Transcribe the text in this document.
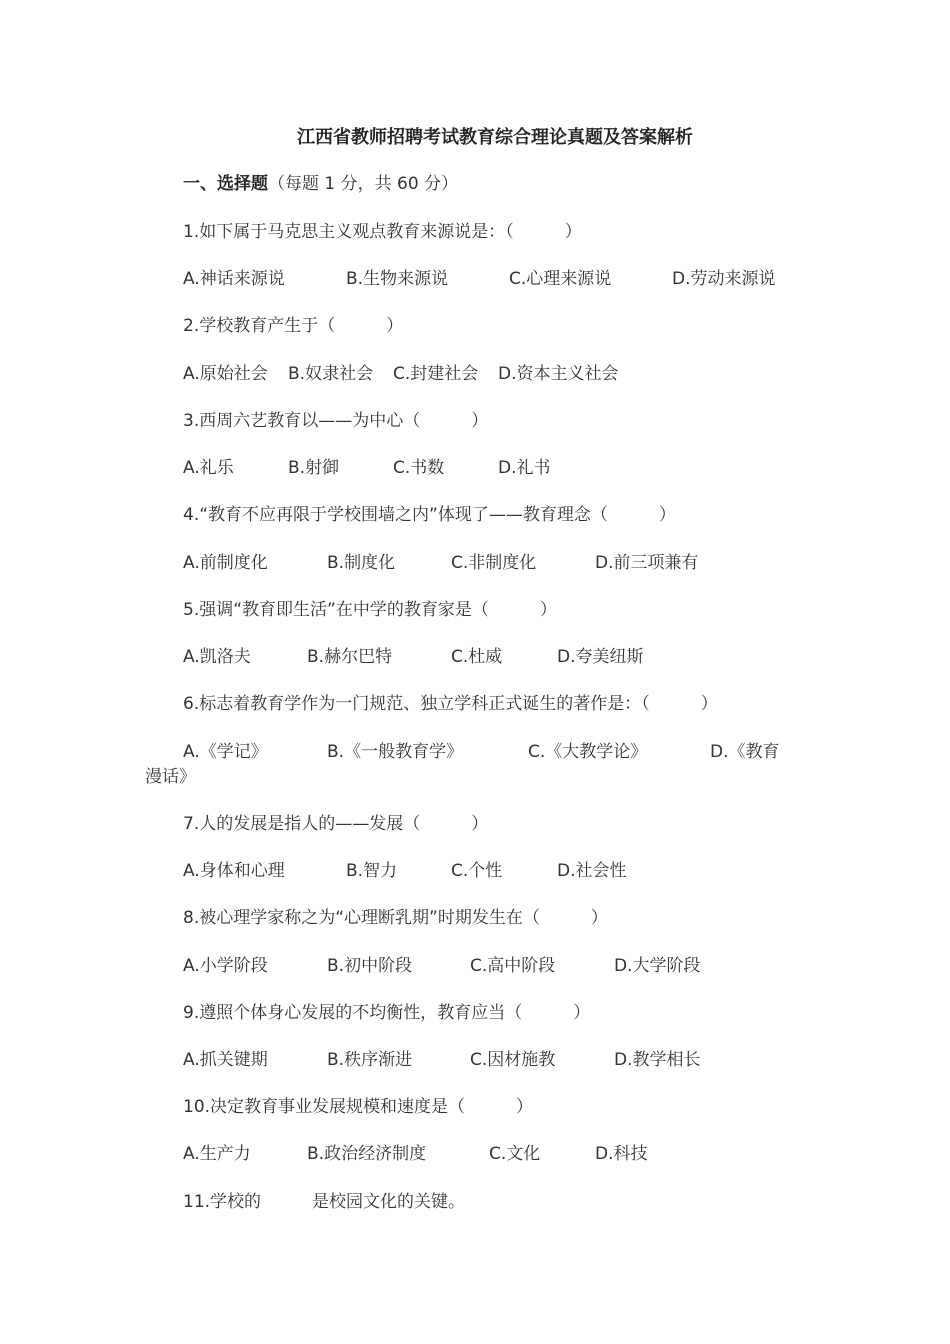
江西省教师招聘考试教育综合理论真题及答案解析
一、选择题（每题 1 分，共 60 分）
1.如下属于马克思主义观点教育来源说是：（　　　）
A.神话来源说	B.生物来源说	C.心理来源说	D.劳动来源说
2.学校教育产生于（　　　）
A.原始社会 B.奴隶社会 C.封建社会 D.资本主义社会
3.西周六艺教育以——为中心（　　　）
A.礼乐	B.射御	C.书数	D.礼书
4.“教育不应再限于学校围墙之内”体现了——教育理念（　　　）
A.前制度化	B.制度化	C.非制度化	D.前三项兼有
5.强调“教育即生活”在中学的教育家是（　　　）
A.凯洛夫	B.赫尔巴特	C.杜威	D.夸美纽斯
6.标志着教育学作为一门规范、独立学科正式诞生的著作是：（　　　）
A.《学记》	B.《一般教育学》	C.《大教学论》	D.《教育
漫话》
7.人的发展是指人的——发展（　　　）
A.身体和心理	B.智力	C.个性	D.社会性
8.被心理学家称之为“心理断乳期”时期发生在（　　　）
A.小学阶段	B.初中阶段	C.高中阶段	D.大学阶段
9.遵照个体身心发展的不均衡性，教育应当（　　　）
A.抓关键期	B.秩序渐进	C.因材施教	D.教学相长
10.决定教育事业发展规模和速度是（　　　）
A.生产力	B.政治经济制度	C.文化	D.科技
11.学校的　　　是校园文化的关键。
